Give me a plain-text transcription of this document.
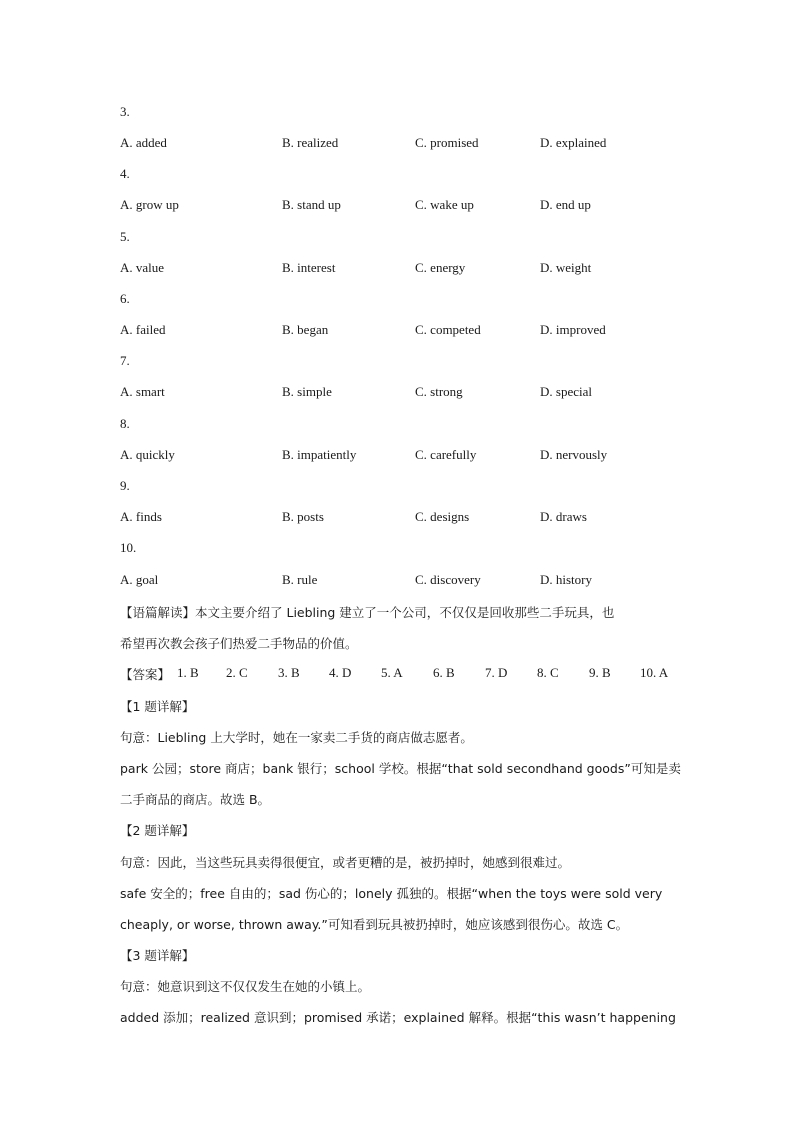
3.
A. added	B. realized	C. promised	D. explained
4.
A. grow up	B. stand up	C. wake up	D. end up
5.
A. value	B. interest	C. energy	D. weight
6.
A. failed	B. began	C. competed	D. improved
7.
A. smart	B. simple	C. strong	D. special
8.
A. quickly	B. impatiently	C. carefully	D. nervously
9.
A. finds	B. posts	C. designs	D. draws
10.
A. goal	B. rule	C. discovery	D. history
【语篇解读】本文主要介绍了 Liebling 建立了一个公司，不仅仅是回收那些二手玩具，也
希望再次教会孩子们热爱二手物品的价值。
【答案】 1. B 2. C 3. B 4. D 5. A 6. B 7. D 8. C 9. B 10. A
【1 题详解】
句意：Liebling 上大学时，她在一家卖二手货的商店做志愿者。
park 公园；store 商店；bank 银行；school 学校。根据“that sold secondhand goods”可知是卖
二手商品的商店。故选 B。
【2 题详解】
句意：因此，当这些玩具卖得很便宜，或者更糟的是，被扔掉时，她感到很难过。
safe 安全的；free 自由的；sad 伤心的；lonely 孤独的。根据“when the toys were sold very
cheaply, or worse, thrown away.”可知看到玩具被扔掉时，她应该感到很伤心。故选 C。
【3 题详解】
句意：她意识到这不仅仅发生在她的小镇上。
added 添加；realized 意识到；promised 承诺；explained 解释。根据“this wasn’t happening
